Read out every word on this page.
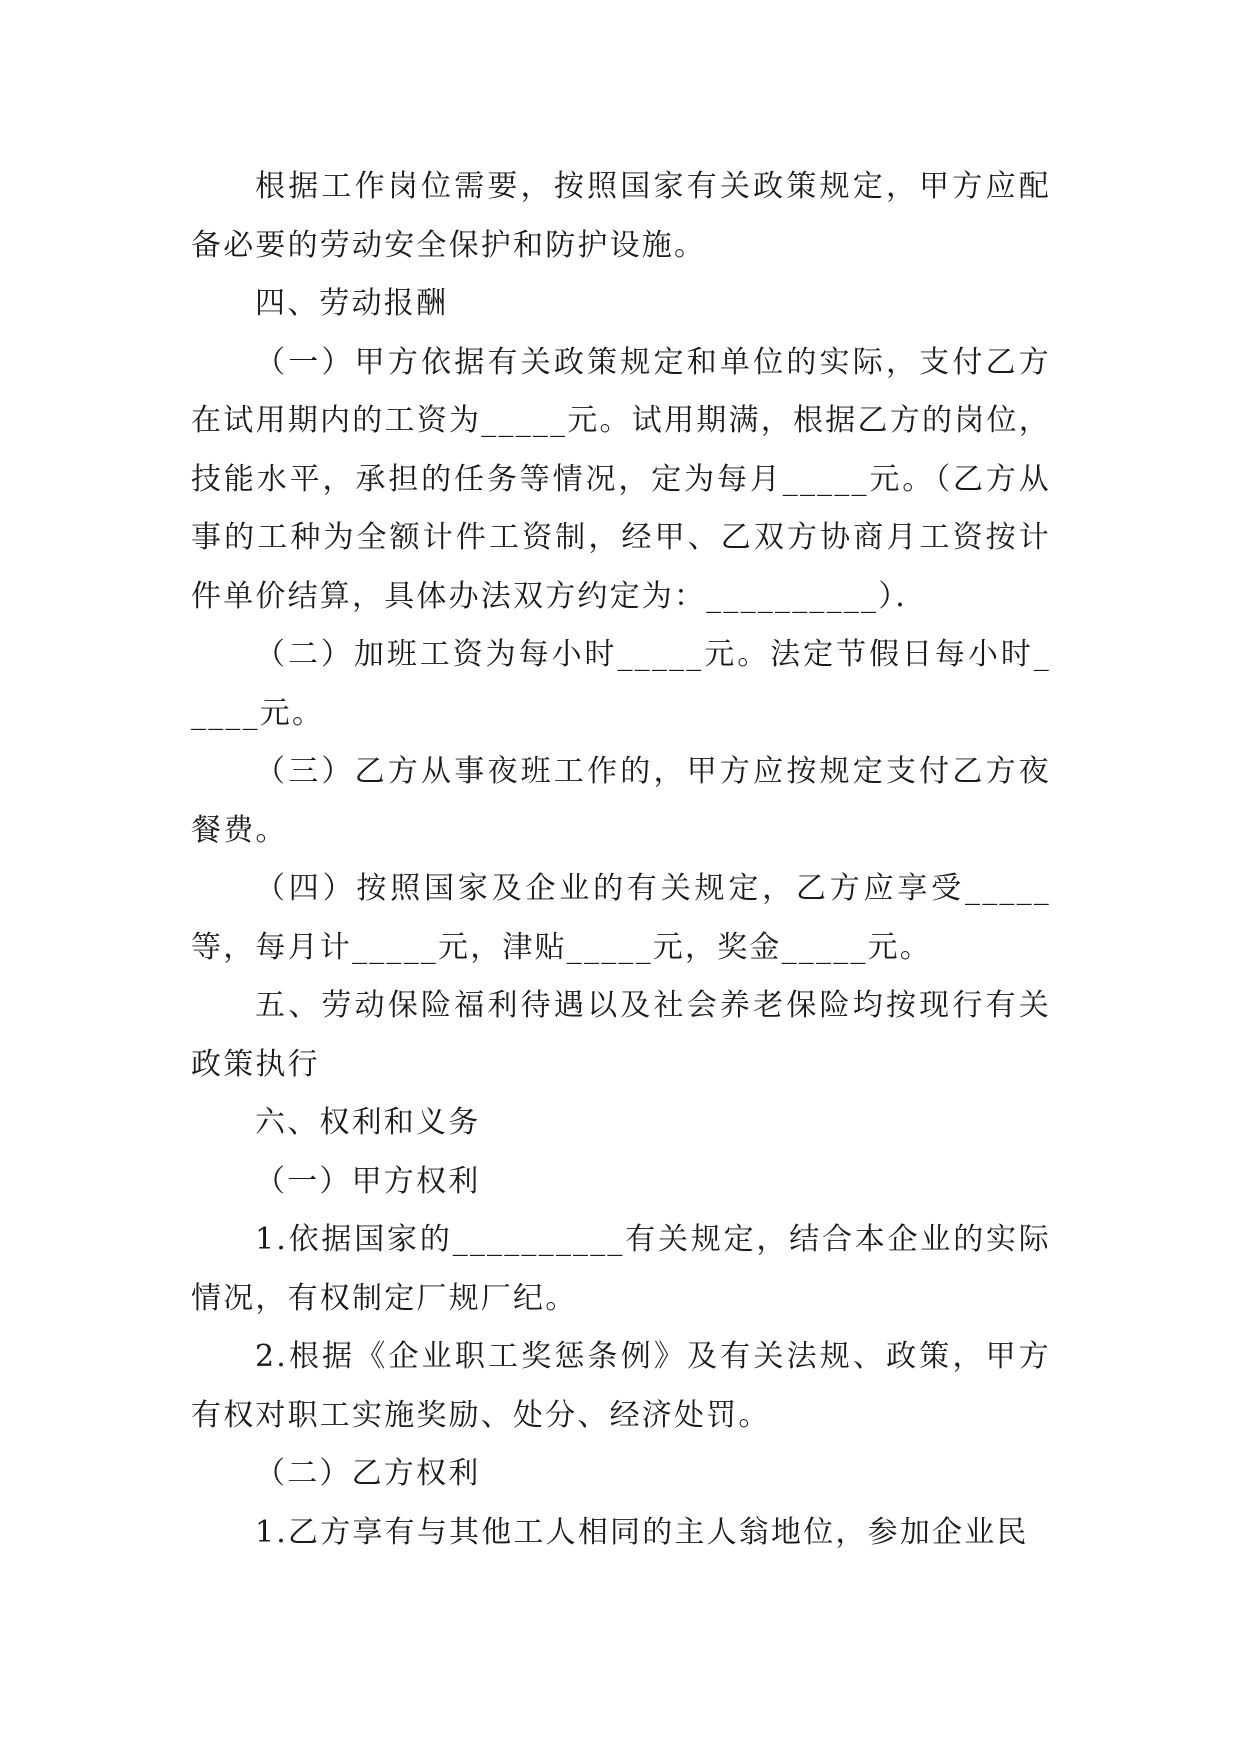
根据工作岗位需要，按照国家有关政策规定，甲方应配备必要的劳动安全保护和防护设施。

四、劳动报酬

（一）甲方依据有关政策规定和单位的实际，支付乙方在试用期内的工资为_____元。试用期满，根据乙方的岗位，技能水平，承担的任务等情况，定为每月_____元。（乙方从事的工种为全额计件工资制，经甲、乙双方协商月工资按计件单价结算，具体办法双方约定为：__________）．

（二）加班工资为每小时_____元。法定节假日每小时_____元。

（三）乙方从事夜班工作的，甲方应按规定支付乙方夜餐费。

（四）按照国家及企业的有关规定，乙方应享受_____等，每月计_____元，津贴_____元，奖金_____元。

五、劳动保险福利待遇以及社会养老保险均按现行有关政策执行

六、权利和义务

（一）甲方权利

1.依据国家的__________有关规定，结合本企业的实际情况，有权制定厂规厂纪。

2.根据《企业职工奖惩条例》及有关法规、政策，甲方有权对职工实施奖励、处分、经济处罚。

（二）乙方权利

1.乙方享有与其他工人相同的主人翁地位，参加企业民
